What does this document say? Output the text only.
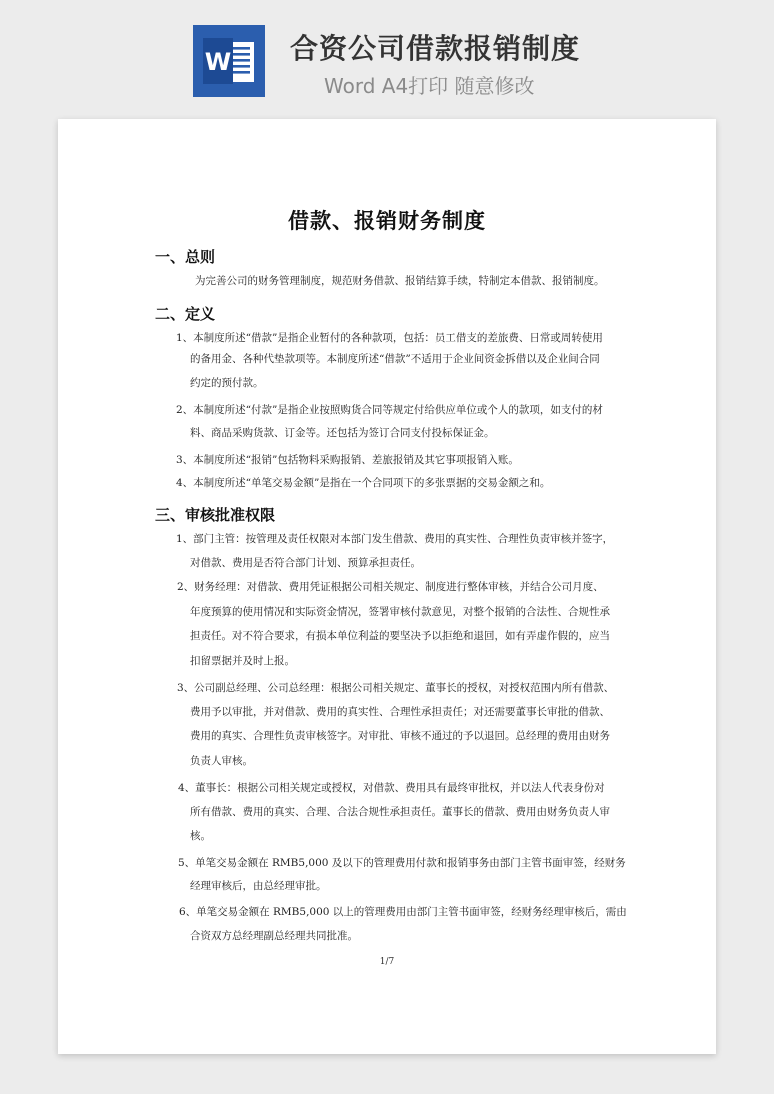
W 合资公司借款报销制度
Word A4打印 随意修改
借款、报销财务制度
1/7
一、总则
为完善公司的财务管理制度，规范财务借款、报销结算手续，特制定本借款、报销制度。
二、定义
1、本制度所述“借款”是指企业暂付的各种款项，包括：员工借支的差旅费、日常或周转使用
的备用金、各种代垫款项等。本制度所述“借款”不适用于企业间资金拆借以及企业间合同
约定的预付款。
2、本制度所述“付款”是指企业按照购货合同等规定付给供应单位或个人的款项，如支付的材
料、商品采购货款、订金等。还包括为签订合同支付投标保证金。
3、本制度所述“报销”包括物料采购报销、差旅报销及其它事项报销入账。
4、本制度所述“单笔交易金额”是指在一个合同项下的多张票据的交易金额之和。
三、审核批准权限
1、部门主管：按管理及责任权限对本部门发生借款、费用的真实性、合理性负责审核并签字，
对借款、费用是否符合部门计划、预算承担责任。
2、财务经理：对借款、费用凭证根据公司相关规定、制度进行整体审核，并结合公司月度、
年度预算的使用情况和实际资金情况，签署审核付款意见，对整个报销的合法性、合规性承
担责任。对不符合要求，有损本单位利益的要坚决予以拒绝和退回，如有弄虚作假的，应当
扣留票据并及时上报。
3、公司副总经理、公司总经理：根据公司相关规定、董事长的授权，对授权范围内所有借款、
费用予以审批，并对借款、费用的真实性、合理性承担责任；对还需要董事长审批的借款、
费用的真实、合理性负责审核签字。对审批、审核不通过的予以退回。总经理的费用由财务
负责人审核。
4、董事长：根据公司相关规定或授权，对借款、费用具有最终审批权，并以法人代表身份对
所有借款、费用的真实、合理、合法合规性承担责任。董事长的借款、费用由财务负责人审
核。
5、单笔交易金额在 RMB5,000 及以下的管理费用付款和报销事务由部门主管书面审签，经财务
经理审核后，由总经理审批。
6、单笔交易金额在 RMB5,000 以上的管理费用由部门主管书面审签，经财务经理审核后，需由
合资双方总经理副总经理共同批准。
